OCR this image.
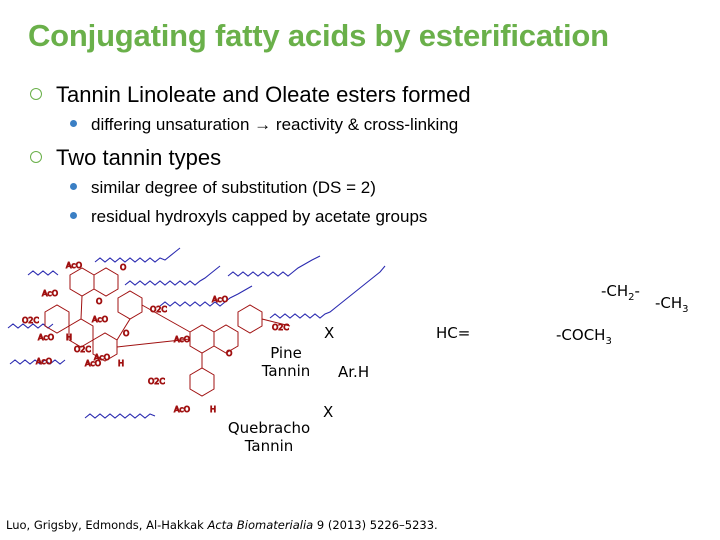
Conjugating fatty acids by esterification
Tannin Linoleate and Oleate esters formed
differing unsaturation → reactivity & cross-linking
Two tannin types
similar degree of substitution (DS = 2)
residual hydroxyls capped by acetate groups
AcO
O
O2C
AcO
AcO
O2C
AcO
AcO
O
O2C
AcO
O
O2C
AcO
O
AcO H
AcO
H
O2C
AcO	H
Pine
Tannin
Quebracho
Tannin
X
X
Ar.H
HC=
$-CH_2-$
$-CH_3$
$-COCH_3$
Luo, Grigsby, Edmonds, Al-Hakkak Acta Biomaterialia 9 (2013) 5226–5233.
